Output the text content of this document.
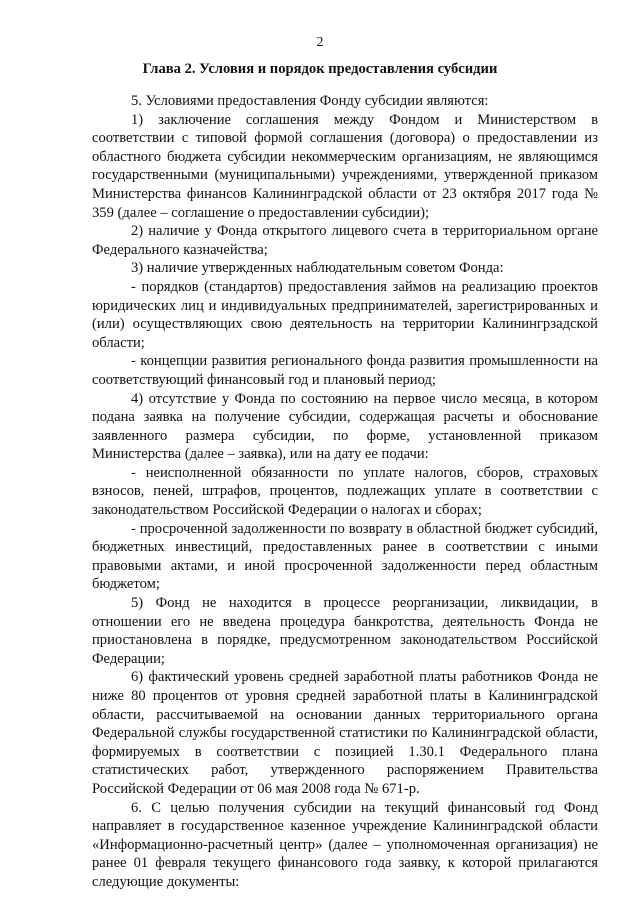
2
Глава 2. Условия и порядок предоставления субсидии

5. Условиями предоставления Фонду субсидии являются:

1) заключение соглашения между Фондом и Министерством в соответствии с типовой формой соглашения (договора) о предоставлении из областного бюджета субсидии некоммерческим организациям, не являющимся государственными (муниципальными) учреждениями, утвержденной приказом Министерства финансов Калининградской области от 23 октября 2017 года № 359 (далее – соглашение о предоставлении субсидии);

2) наличие у Фонда открытого лицевого счета в территориальном органе Федерального казначейства;

3) наличие утвержденных наблюдательным советом Фонда:

- порядков (стандартов) предоставления займов на реализацию проектов юридических лиц и индивидуальных предпринимателей, зарегистрированных и (или) осуществляющих свою деятельность на территории Калинингрзадской области;

- концепции развития регионального фонда развития промышленности на соответствующий финансовый год и плановый период;

4) отсутствие у Фонда по состоянию на первое число месяца, в котором подана заявка на получение субсидии, содержащая расчеты и обоснование заявленного размера субсидии, по форме, установленной приказом Министерства (далее – заявка), или на дату ее подачи:

- неисполненной обязанности по уплате налогов, сборов, страховых взносов, пеней, штрафов, процентов, подлежащих уплате в соответствии с законодательством Российской Федерации о налогах и сборах;

- просроченной задолженности по возврату в областной бюджет субсидий, бюджетных инвестиций, предоставленных ранее в соответствии с иными правовыми актами, и иной просроченной задолженности перед областным бюджетом;

5) Фонд не находится в процессе реорганизации, ликвидации, в отношении его не введена процедура банкротства, деятельность Фонда не приостановлена в порядке, предусмотренном законодательством Российской Федерации;

6) фактический уровень средней заработной платы работников Фонда не ниже 80 процентов от уровня средней заработной платы в Калининградской области, рассчитываемой на основании данных территориального органа Федеральной службы государственной статистики по Калининградской области, формируемых в соответствии с позицией 1.30.1 Федерального плана статистических работ, утвержденного распоряжением Правительства Российской Федерации от 06 мая 2008 года № 671-р.

6. С целью получения субсидии на текущий финансовый год Фонд направляет в государственное казенное учреждение Калининградской области «Информационно-расчетный центр» (далее – уполномоченная организация) не ранее 01 февраля текущего финансового года заявку, к которой прилагаются следующие документы:
